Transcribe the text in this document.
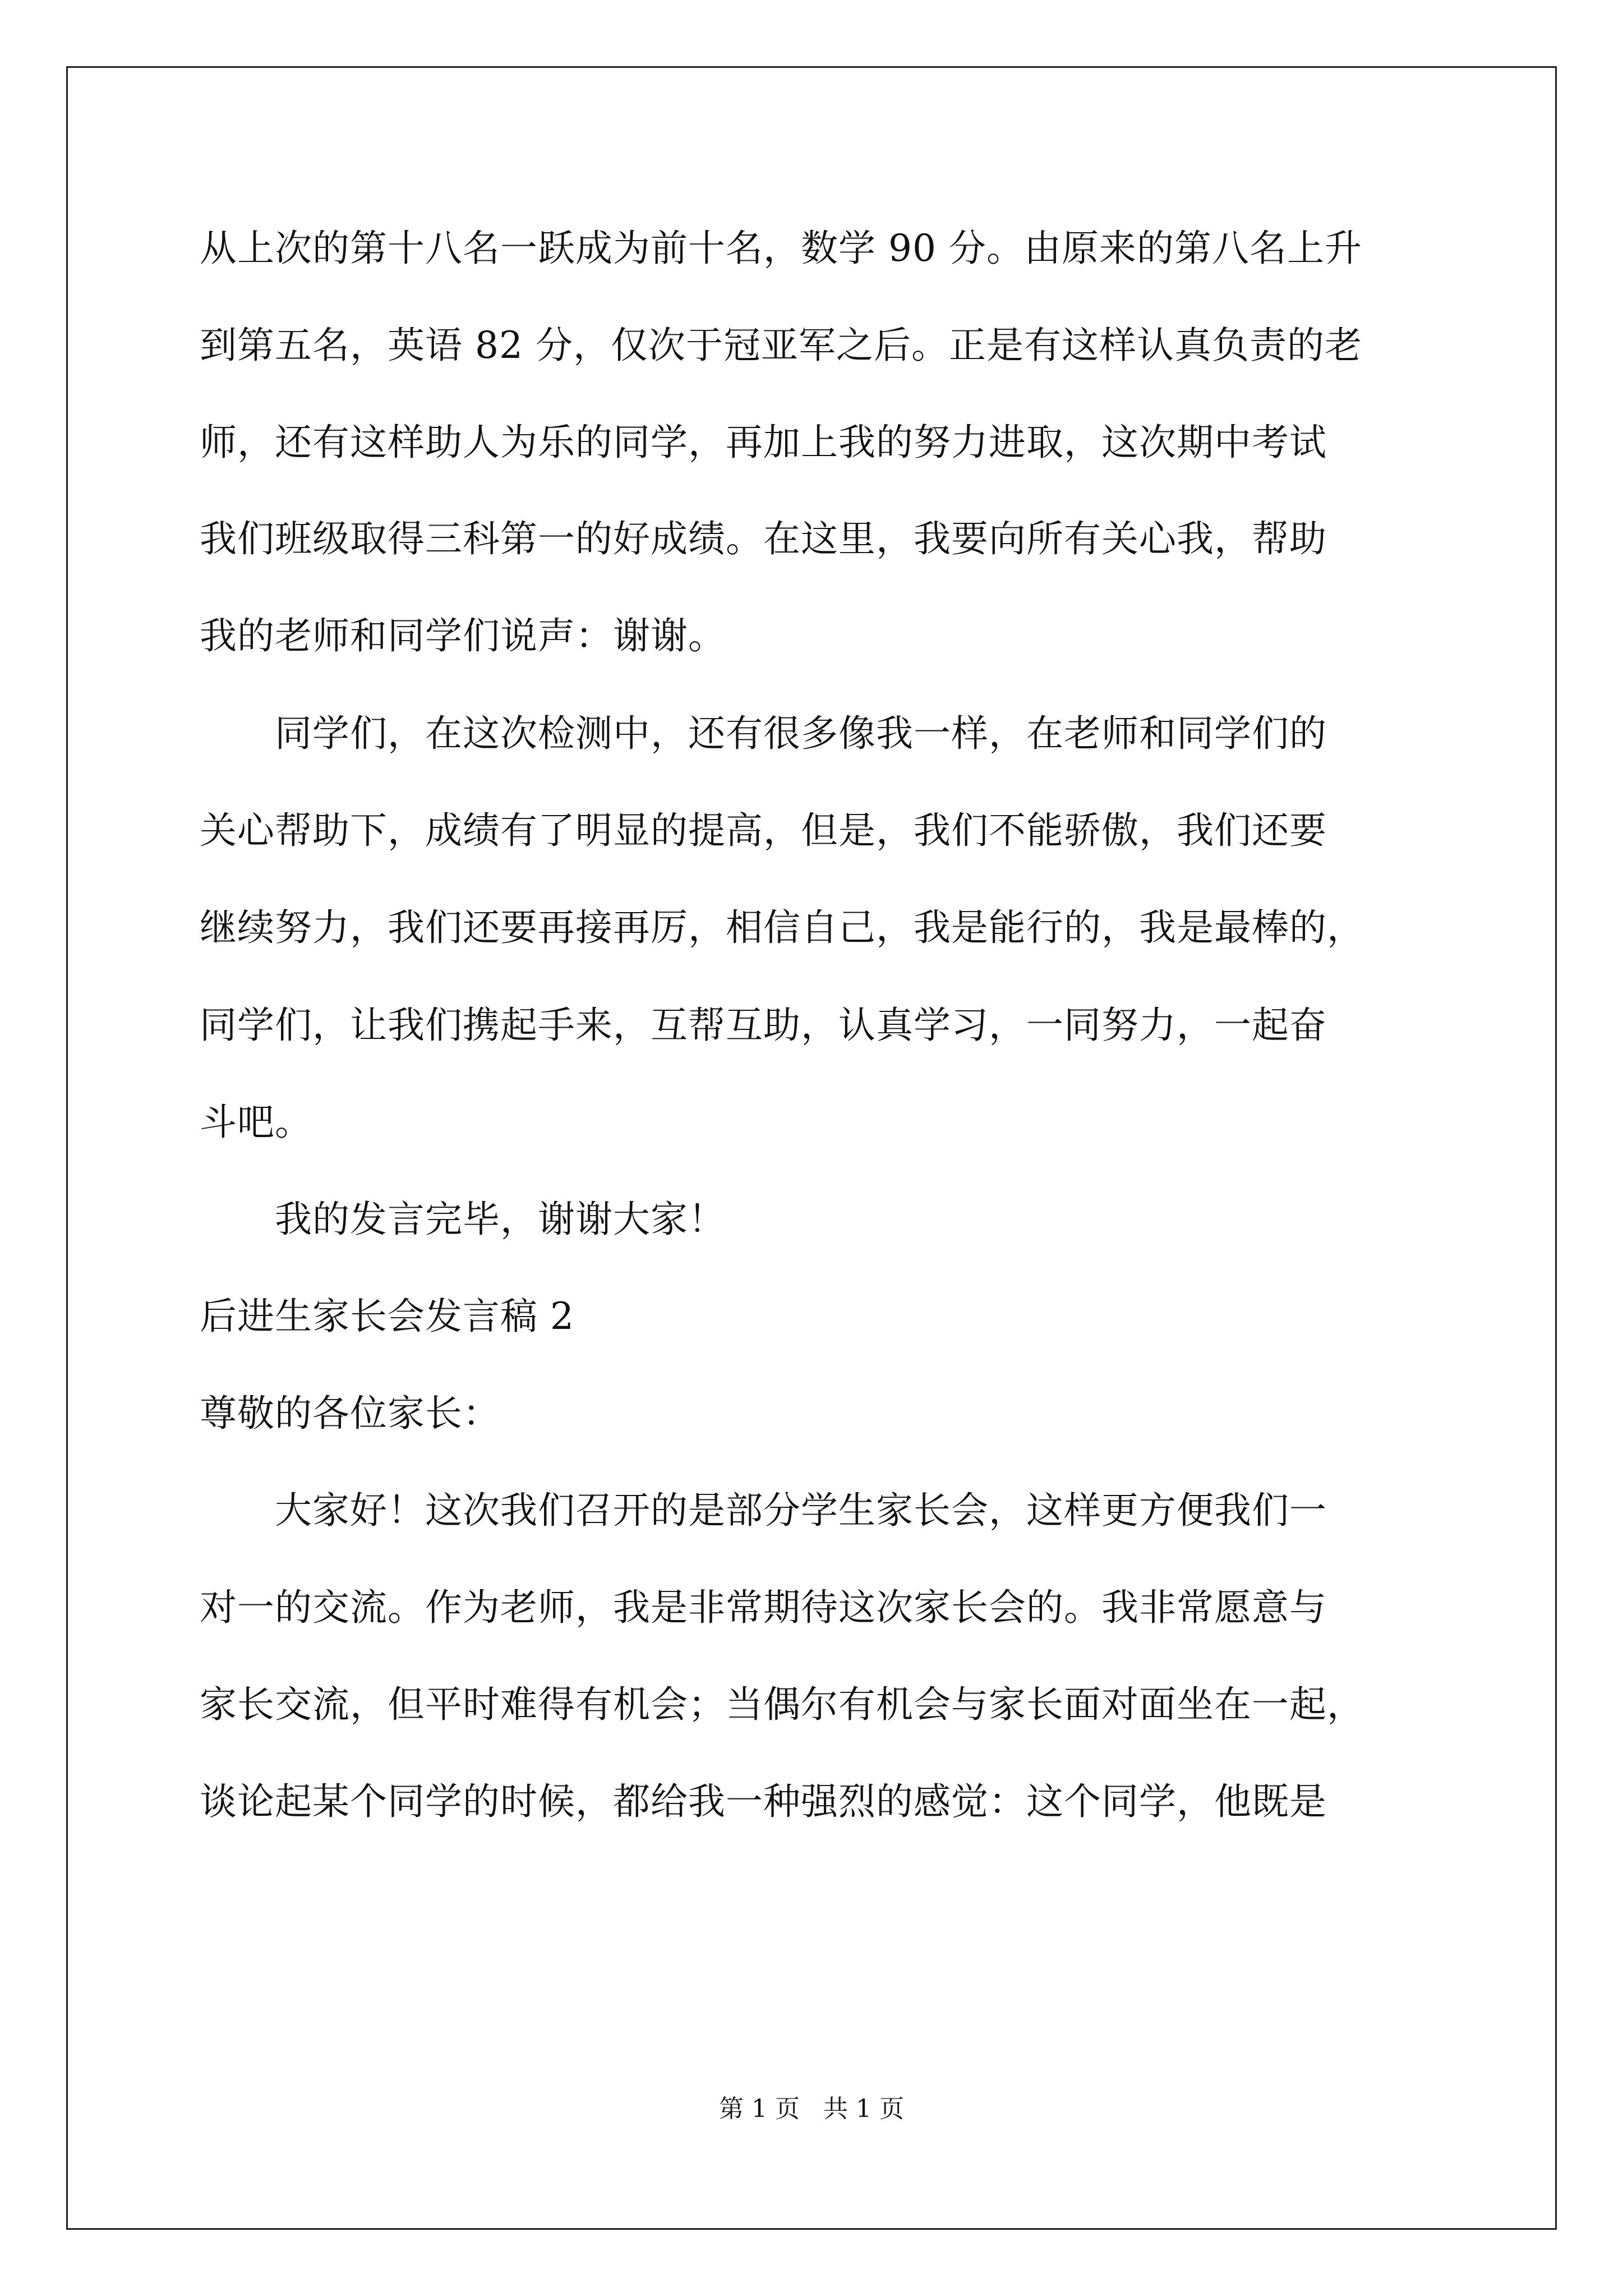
从上次的第十八名一跃成为前十名，数学 90 分。由原来的第八名上升
到第五名，英语 82 分，仅次于冠亚军之后。正是有这样认真负责的老
师，还有这样助人为乐的同学，再加上我的努力进取，这次期中考试
我们班级取得三科第一的好成绩。在这里，我要向所有关心我，帮助
我的老师和同学们说声：谢谢。
　　同学们，在这次检测中，还有很多像我一样，在老师和同学们的
关心帮助下，成绩有了明显的提高，但是，我们不能骄傲，我们还要
继续努力，我们还要再接再厉，相信自己，我是能行的，我是最棒的，
同学们，让我们携起手来，互帮互助，认真学习，一同努力，一起奋
斗吧。
　　我的发言完毕，谢谢大家！
后进生家长会发言稿 2
尊敬的各位家长：
　　大家好！这次我们召开的是部分学生家长会，这样更方便我们一
对一的交流。作为老师，我是非常期待这次家长会的。我非常愿意与
家长交流，但平时难得有机会；当偶尔有机会与家长面对面坐在一起，
谈论起某个同学的时候，都给我一种强烈的感觉：这个同学，他既是
第 1 页   共 1 页
